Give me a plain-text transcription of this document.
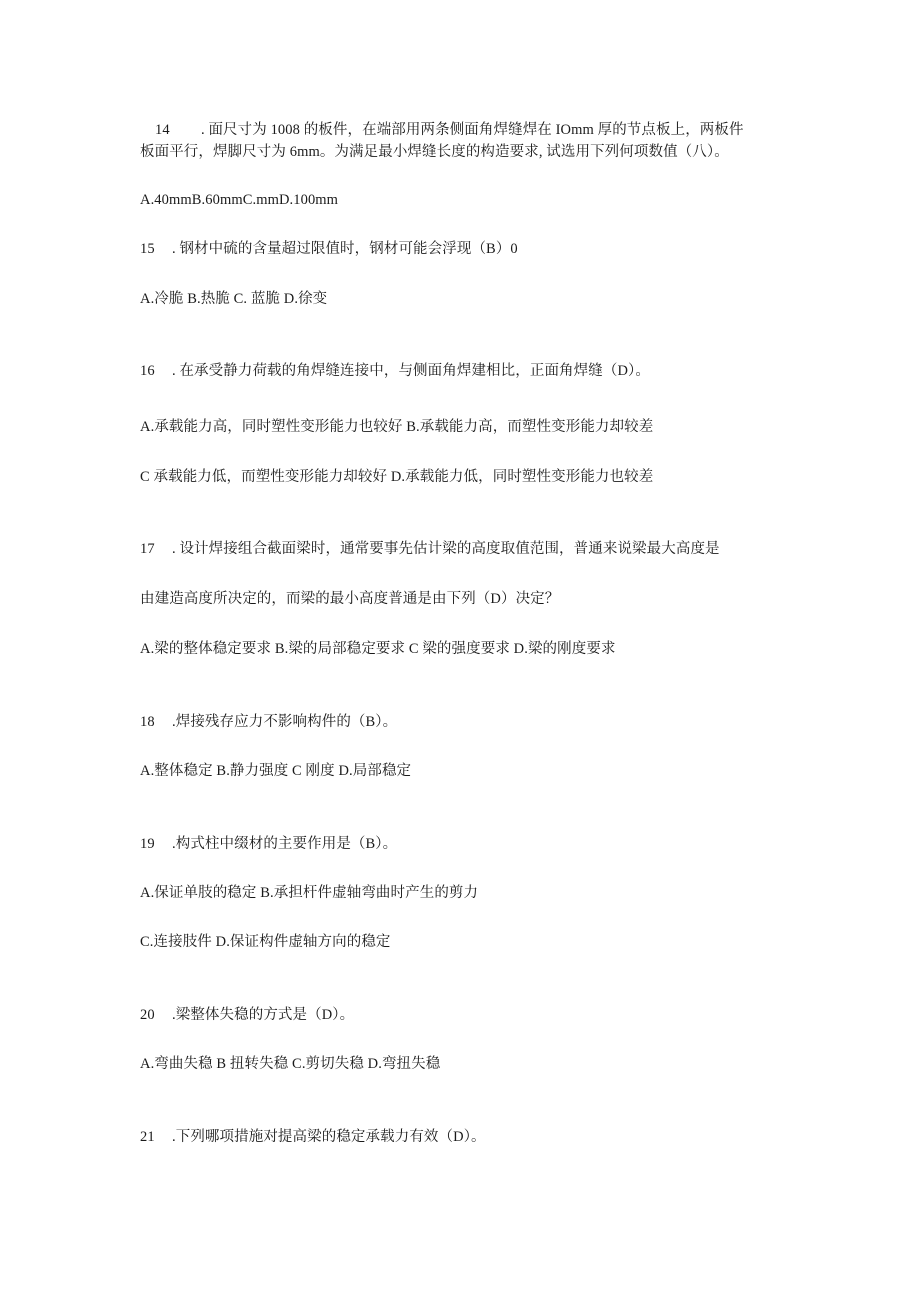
14 . 面尺寸为 1008 的板件，在端部用两条侧面角焊缝焊在 IOmm 厚的节点板上，两板件
板面平行，焊脚尺寸为 6mm。为满足最小焊缝长度的构造要求, 试选用下列何项数值（八）。
A.40mmB.60mmC.mmD.100mm
15 . 钢材中硫的含量超过限值时，钢材可能会浮现（B）0
A.冷脆 B.热脆 C. 蓝脆 D.徐变
16 . 在承受静力荷载的角焊缝连接中，与侧面角焊建相比，正面角焊缝（D）。
A.承载能力高，同时塑性变形能力也较好 B.承载能力高，而塑性变形能力却较差
C 承载能力低，而塑性变形能力却较好 D.承载能力低，同时塑性变形能力也较差
17 . 设计焊接组合截面梁时，通常要事先估计梁的高度取值范围，普通来说梁最大高度是
由建造高度所决定的，而梁的最小高度普通是由下列（D）决定？
A.梁的整体稳定要求 B.梁的局部稳定要求 C 梁的强度要求 D.梁的刚度要求
18 .焊接残存应力不影响构件的（B）。
A.整体稳定 B.静力强度 C 刚度 D.局部稳定
19 .构式柱中缀材的主要作用是（B）。
A.保证单肢的稳定 B.承担杆件虚轴弯曲时产生的剪力
C.连接肢件 D.保证构件虚轴方向的稳定
20 .梁整体失稳的方式是（D）。
A.弯曲失稳 B 扭转失稳 C.剪切失稳 D.弯扭失稳
21 .下列哪项措施对提高梁的稳定承载力有效（D）。
